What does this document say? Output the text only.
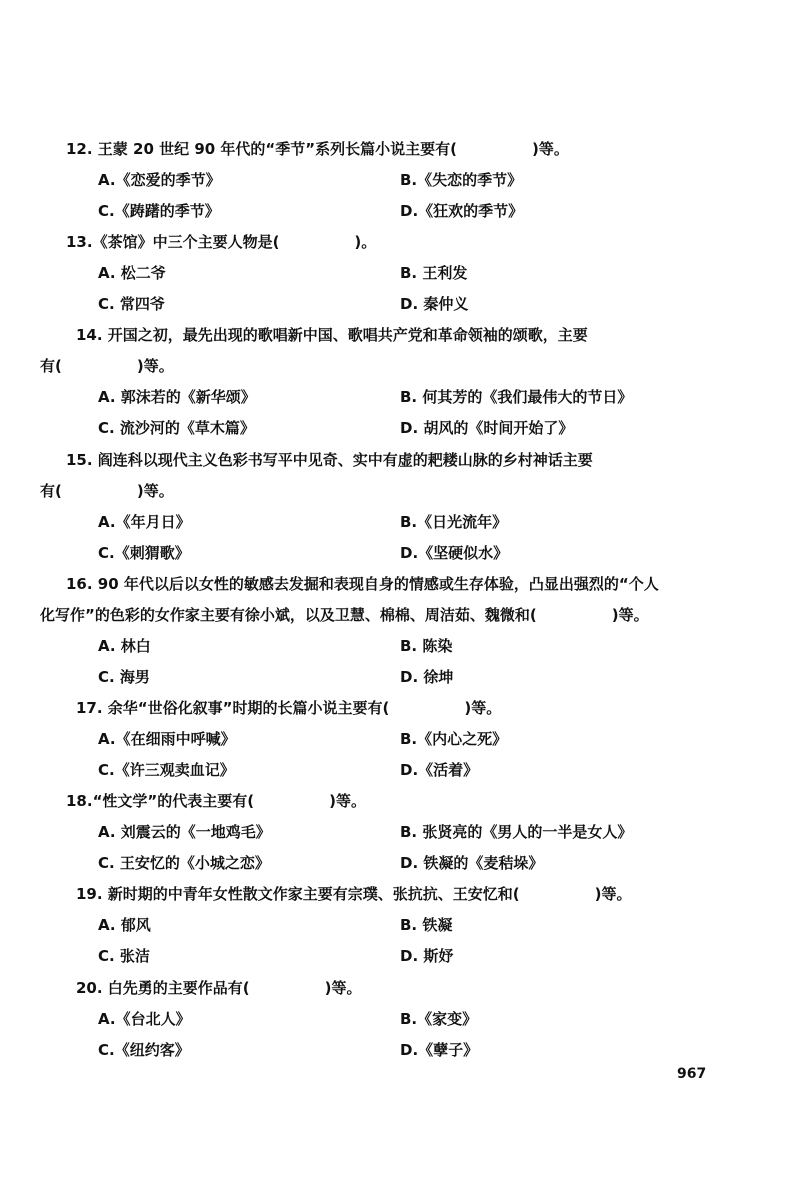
12. 王蒙 20 世纪 90 年代的“季节”系列长篇小说主要有(　　　　　)等。
A.《恋爱的季节》	B.《失恋的季节》
C.《踌躇的季节》	D.《狂欢的季节》
13.《茶馆》中三个主要人物是(　　　　　)。
A. 松二爷	B. 王利发
C. 常四爷	D. 秦仲义
14. 开国之初，最先出现的歌唱新中国、歌唱共产党和革命领袖的颂歌，主要
有(　　　　　)等。
A. 郭沫若的《新华颂》	B. 何其芳的《我们最伟大的节日》
C. 流沙河的《草木篇》	D. 胡风的《时间开始了》
15. 阎连科以现代主义色彩书写平中见奇、实中有虚的耙耧山脉的乡村神话主要
有(　　　　　)等。
A.《年月日》	B.《日光流年》
C.《刺猬歌》	D.《坚硬似水》
16. 90 年代以后以女性的敏感去发掘和表现自身的情感或生存体验，凸显出强烈的“个人
化写作”的色彩的女作家主要有徐小斌，以及卫慧、棉棉、周洁茹、魏微和(　　　　　)等。
A. 林白	B. 陈染
C. 海男	D. 徐坤
17. 余华“世俗化叙事”时期的长篇小说主要有(　　　　　)等。
A.《在细雨中呼喊》	B.《内心之死》
C.《许三观卖血记》	D.《活着》
18.“性文学”的代表主要有(　　　　　)等。
A. 刘震云的《一地鸡毛》	B. 张贤亮的《男人的一半是女人》
C. 王安忆的《小城之恋》	D. 铁凝的《麦秸垛》
19. 新时期的中青年女性散文作家主要有宗璞、张抗抗、王安忆和(　　　　　)等。
A. 郁风	B. 铁凝
C. 张洁	D. 斯妤
20. 白先勇的主要作品有(　　　　　)等。
A.《台北人》	B.《家变》
C.《纽约客》	D.《孽子》
967
